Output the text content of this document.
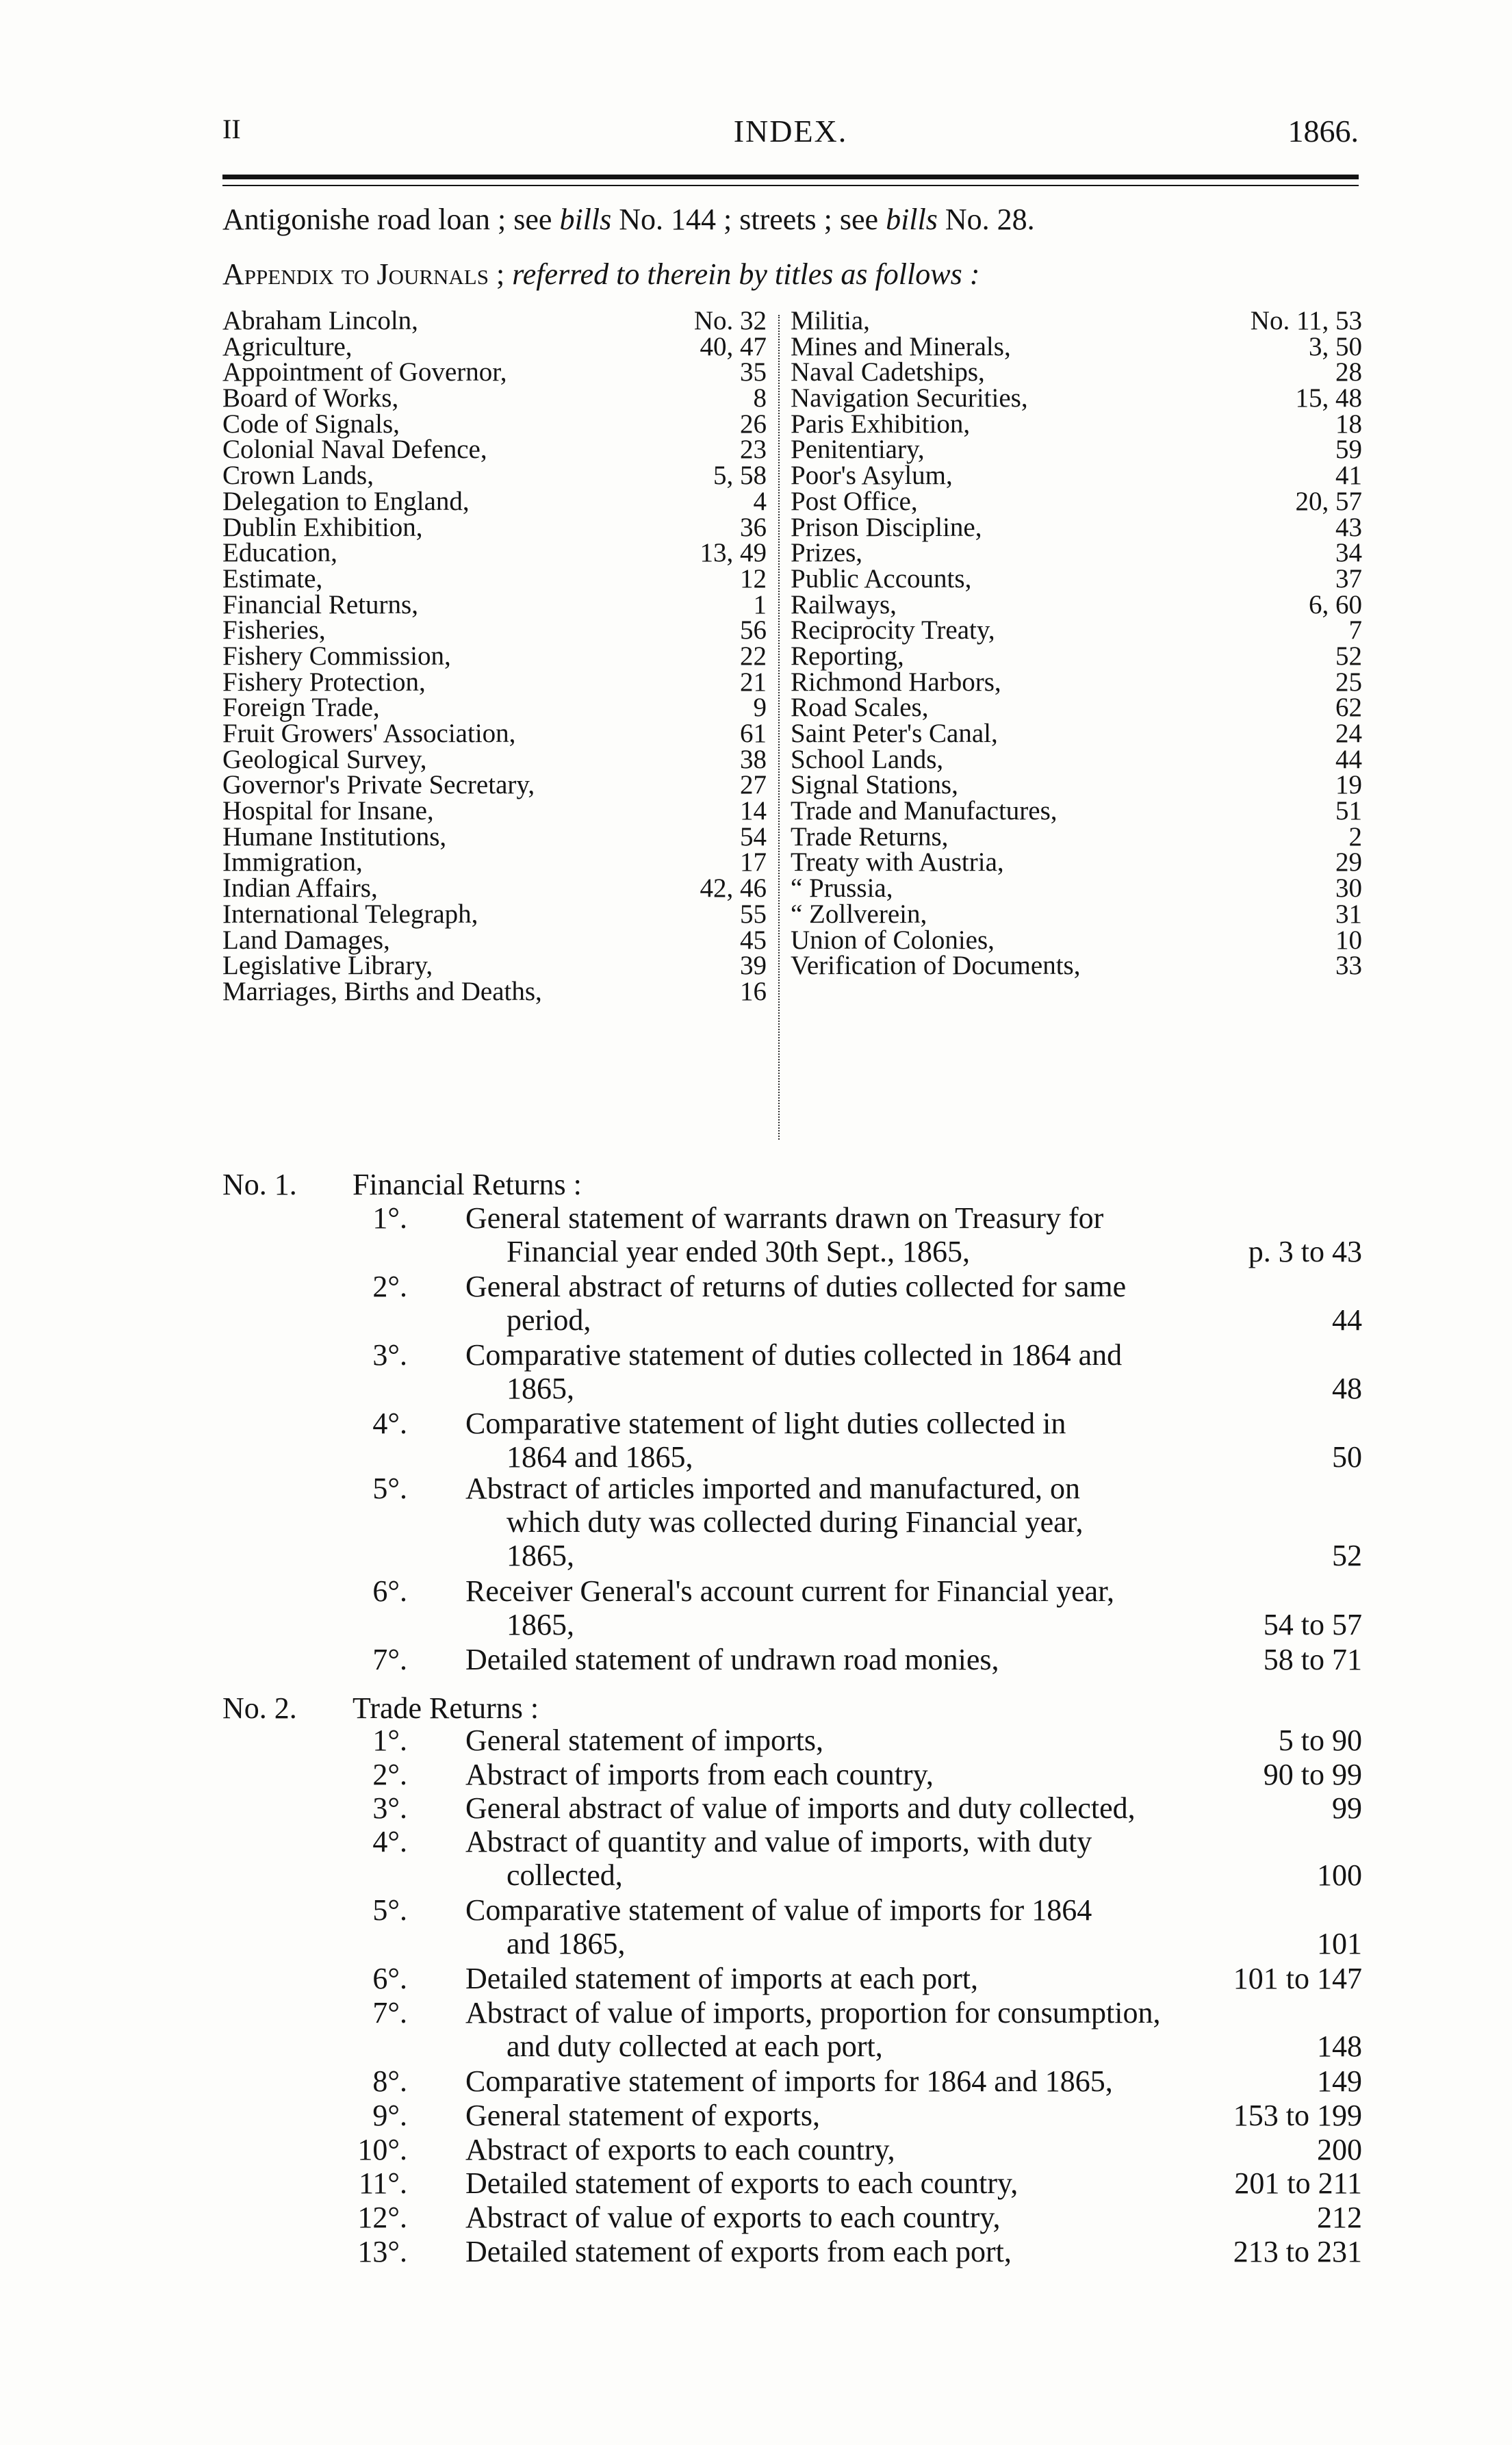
II	INDEX.	1866.
Antigonishe road loan ; see bills No. 144 ; streets ; see bills No. 28.
Appendix to Journals ; referred to therein by titles as follows :
Abraham Lincoln,	No. 32
Agriculture,	40, 47
Appointment of Governor,	35
Board of Works,	8
Code of Signals,	26
Colonial Naval Defence,	23
Crown Lands,	5, 58
Delegation to England,	4
Dublin Exhibition,	36
Education,	13, 49
Estimate,	12
Financial Returns,	1
Fisheries,	56
Fishery Commission,	22
Fishery Protection,	21
Foreign Trade,	9
Fruit Growers' Association,	61
Geological Survey,	38
Governor's Private Secretary,	27
Hospital for Insane,	14
Humane Institutions,	54
Immigration,	17
Indian Affairs,	42, 46
International Telegraph,	55
Land Damages,	45
Legislative Library,	39
Marriages, Births and Deaths,	16
Militia,	No. 11, 53
Mines and Minerals,	3, 50
Naval Cadetships,	28
Navigation Securities,	15, 48
Paris Exhibition,	18
Penitentiary,	59
Poor's Asylum,	41
Post Office,	20, 57
Prison Discipline,	43
Prizes,	34
Public Accounts,	37
Railways,	6, 60
Reciprocity Treaty,	7
Reporting,	52
Richmond Harbors,	25
Road Scales,	62
Saint Peter's Canal,	24
School Lands,	44
Signal Stations,	19
Trade and Manufactures,	51
Trade Returns,	2
Treaty with Austria,	29
“ Prussia,	30
“ Zollverein,	31
Union of Colonies,	10
Verification of Documents,	33
No. 1. Financial Returns :
1°. General statement of warrants drawn on Treasury for
Financial year ended 30th Sept., 1865,	p. 3 to 43
2°. General abstract of returns of duties collected for same
period,	44
3°. Comparative statement of duties collected in 1864 and
1865,	48
4°. Comparative statement of light duties collected in
1864 and 1865,	50
5°. Abstract of articles imported and manufactured, on
which duty was collected during Financial year,
1865,	52
6°. Receiver General's account current for Financial year,
1865,	54 to 57
7°. Detailed statement of undrawn road monies,	58 to 71
No. 2. Trade Returns :
1°. General statement of imports,	5 to 90
2°. Abstract of imports from each country,	90 to 99
3°. General abstract of value of imports and duty collected,	99
4°. Abstract of quantity and value of imports, with duty
collected,	100
5°. Comparative statement of value of imports for 1864
and 1865,	101
6°. Detailed statement of imports at each port,	101 to 147
7°. Abstract of value of imports, proportion for consumption,
and duty collected at each port,	148
8°. Comparative statement of imports for 1864 and 1865,	149
9°. General statement of exports,	153 to 199
10°. Abstract of exports to each country,	200
11°. Detailed statement of exports to each country,	201 to 211
12°. Abstract of value of exports to each country,	212
13°. Detailed statement of exports from each port,	213 to 231
